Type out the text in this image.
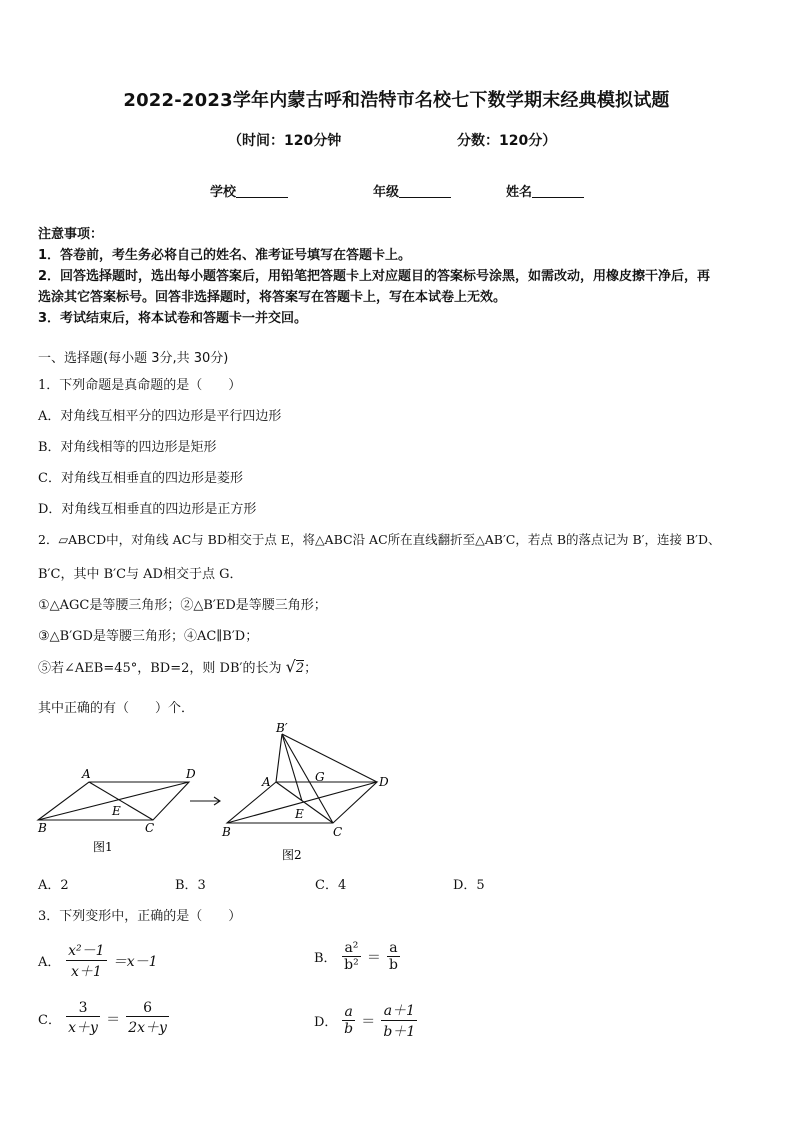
2022-2023学年内蒙古呼和浩特市名校七下数学期末经典模拟试题
（时间：120分钟	分数：120分）
学校	年级	姓名
注意事项：
1．答卷前，考生务必将自己的姓名、准考证号填写在答题卡上。
2．回答选择题时，选出每小题答案后，用铅笔把答题卡上对应题目的答案标号涂黑，如需改动，用橡皮擦干净后，再
选涂其它答案标号。回答非选择题时，将答案写在答题卡上，写在本试卷上无效。
3．考试结束后，将本试卷和答题卡一并交回。
一、选择题(每小题 3分,共 30分)
1．下列命题是真命题的是（　　）
A．对角线互相平分的四边形是平行四边形
B．对角线相等的四边形是矩形
C．对角线互相垂直的四边形是菱形
D．对角线互相垂直的四边形是正方形
2．▱ABCD中，对角线 AC与 BD相交于点 E，将△ABC沿 AC所在直线翻折至△AB′C，若点 B的落点记为 B′，连接 B′D、
B′C，其中 B′C与 AD相交于点 G．
①△AGC是等腰三角形；②△B′ED是等腰三角形；
③△B′GD是等腰三角形；④AC∥B′D；
⑤若∠AEB=45°，BD=2，则 DB′的长为 √2；
其中正确的有（　　）个．
A	D
B	C
E
图1
B′
A	G	D
E
B	C
图2
A．2	B．3	C．4	D．5
3．下列变形中，正确的是（　　）
A． $\frac{\text{x²－1}}{x+1} =x-1$	B． $\frac{\text{a²}}{\text{b²}} = \frac{a}{b}$
C． $\frac{3}{x+y} = \frac{6}{2x+y}$	D． $\frac{a}{b} = \frac{a+1}{b+1}$
